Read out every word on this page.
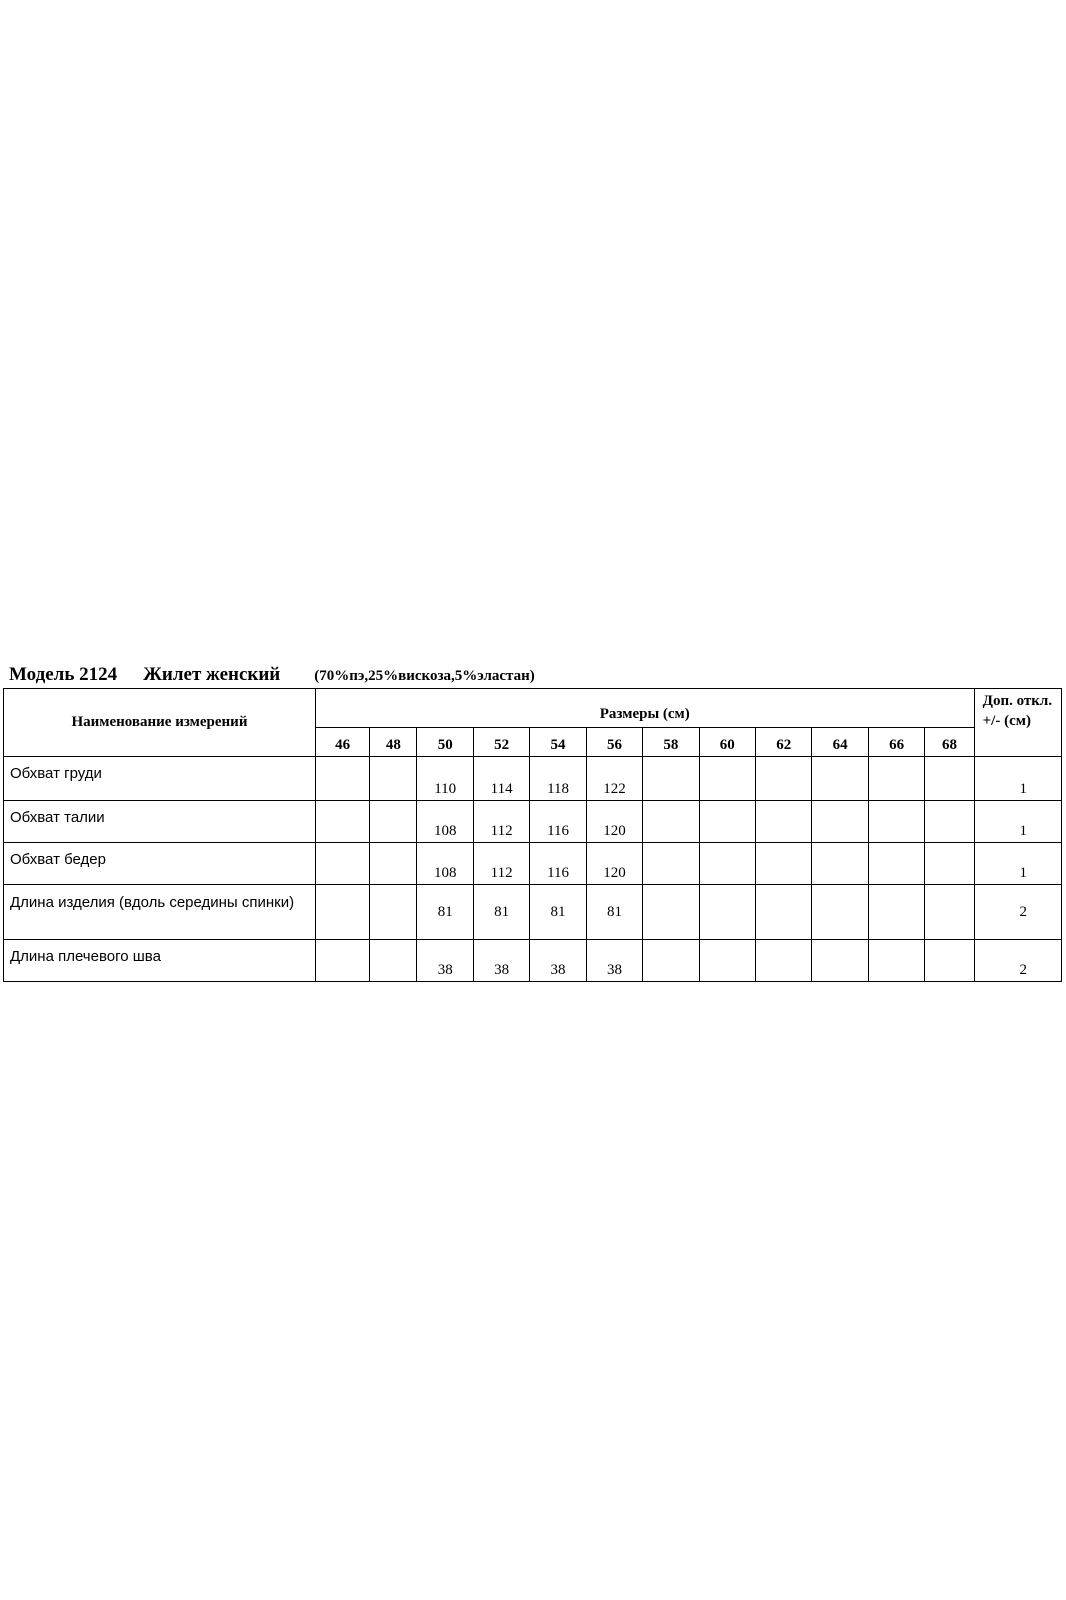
Модель 2124 Жилет женский (70%пэ,25%вискоза,5%эластан)
Наименование измерений	Размеры (см)												Доп. откл. +/- (см)
	46	48	50	52	54	56	58	60	62	64	66	68	
Обхват груди			110	114	118	122							1
Обхват талии			108	112	116	120							1
Обхват бедер			108	112	116	120							1
Длина изделия (вдоль середины спинки)			81	81	81	81							2
Длина плечевого шва			38	38	38	38							2
